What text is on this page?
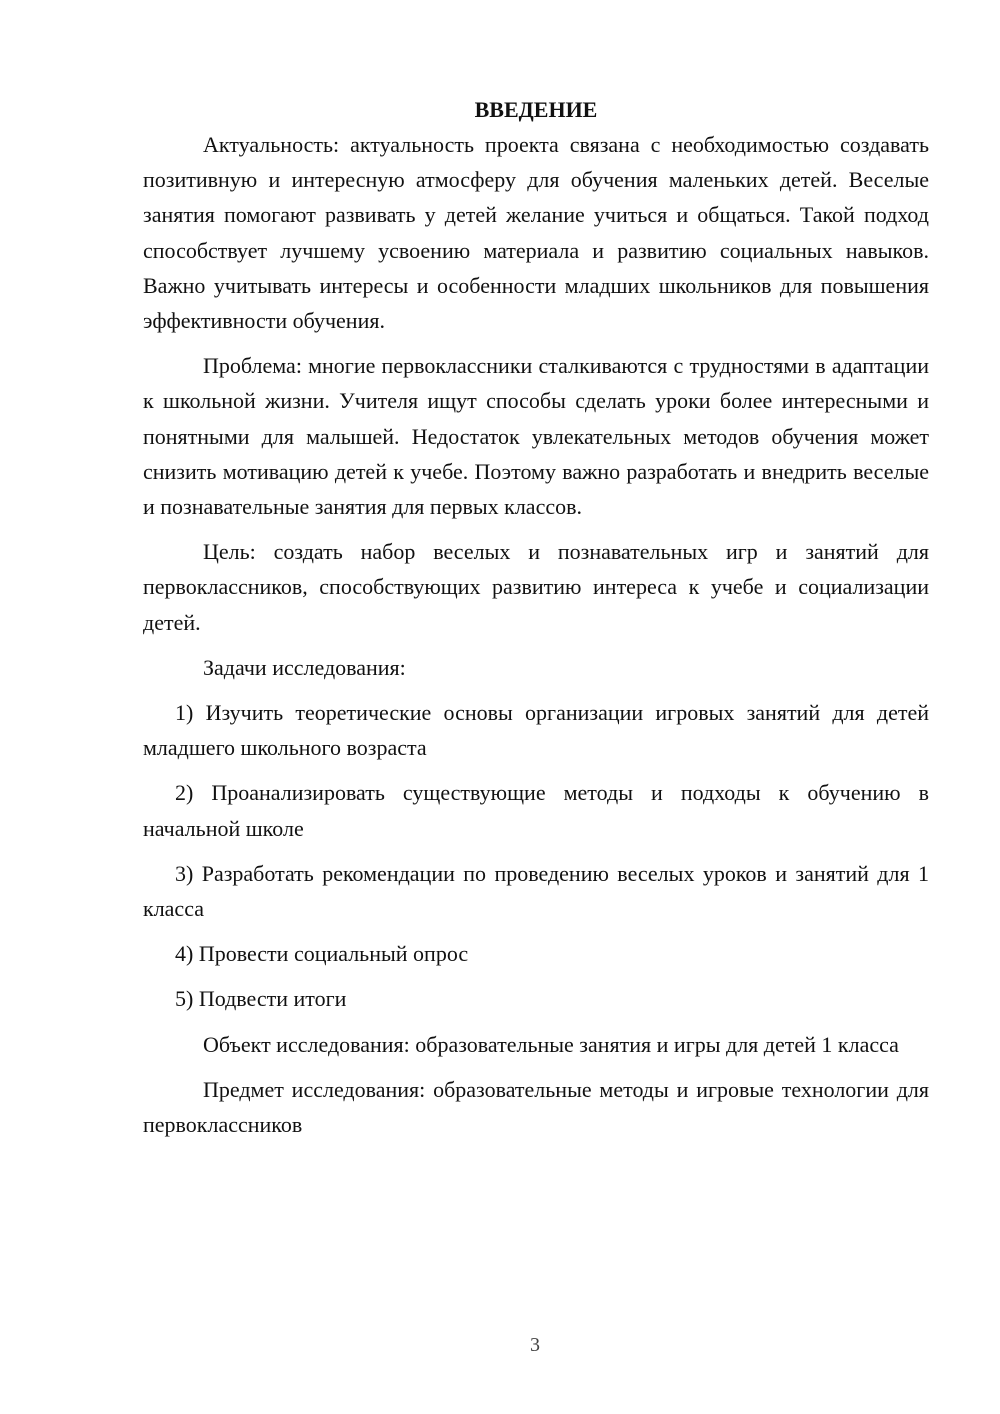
ВВЕДЕНИЕ

Актуальность: актуальность проекта связана с необходимостью создавать позитивную и интересную атмосферу для обучения маленьких детей. Веселые занятия помогают развивать у детей желание учиться и общаться. Такой подход способствует лучшему усвоению материала и развитию социальных навыков. Важно учитывать интересы и особенности младших школьников для повышения эффективности обучения.

Проблема: многие первоклассники сталкиваются с трудностями в адаптации к школьной жизни. Учителя ищут способы сделать уроки более интересными и понятными для малышей. Недостаток увлекательных методов обучения может снизить мотивацию детей к учебе. Поэтому важно разработать и внедрить веселые и познавательные занятия для первых классов.

Цель: создать набор веселых и познавательных игр и занятий для первоклассников, способствующих развитию интереса к учебе и социализации детей.

Задачи исследования:

1) Изучить теоретические основы организации игровых занятий для детей младшего школьного возраста

2) Проанализировать существующие методы и подходы к обучению в начальной школе

3) Разработать рекомендации по проведению веселых уроков и занятий для 1 класса

4) Провести социальный опрос

5) Подвести итоги

Объект исследования: образовательные занятия и игры для детей 1 класса

Предмет исследования: образовательные методы и игровые технологии для первоклассников

3
